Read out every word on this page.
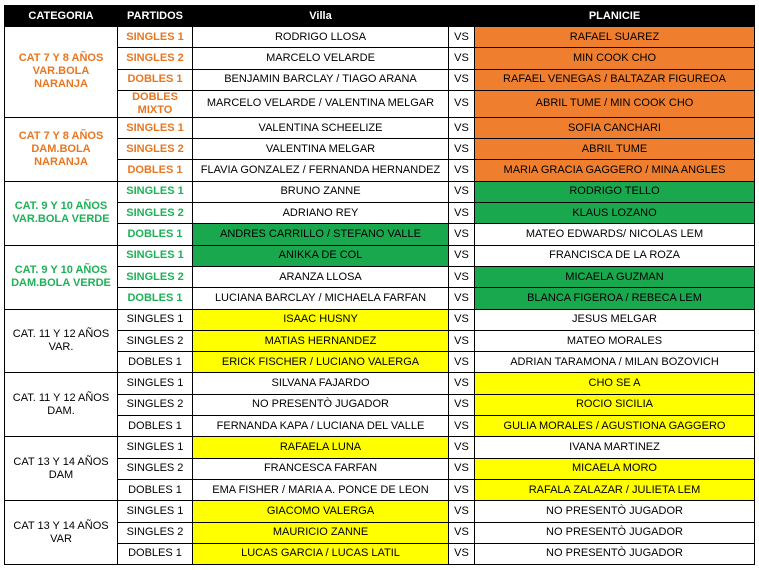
CATEGORIA	PARTIDOS	Villa		PLANICIE
CAT 7 Y 8 AÑOS VAR.BOLA NARANJA	SINGLES 1	RODRIGO LLOSA	VS	RAFAEL SUAREZ
	SINGLES 2	MARCELO VELARDE	VS	MIN COOK CHO
	DOBLES 1	BENJAMIN BARCLAY / TIAGO ARANA	VS	RAFAEL VENEGAS / BALTAZAR FIGUREOA
	DOBLES MIXTO	MARCELO VELARDE / VALENTINA MELGAR	VS	ABRIL TUME / MIN COOK CHO
CAT 7 Y 8 AÑOS DAM.BOLA NARANJA	SINGLES 1	VALENTINA SCHEELIZE	VS	SOFIA CANCHARI
	SINGLES 2	VALENTINA MELGAR	VS	ABRIL TUME
	DOBLES 1	FLAVIA GONZALEZ / FERNANDA HERNANDEZ	VS	MARIA GRACIA GAGGERO / MINA ANGLES
CAT. 9 Y 10 AÑOS VAR.BOLA VERDE	SINGLES 1	BRUNO ZANNE	VS	RODRIGO TELLO
	SINGLES 2	ADRIANO REY	VS	KLAUS LOZANO
	DOBLES 1	ANDRES CARRILLO / STEFANO VALLE	VS	MATEO EDWARDS/ NICOLAS LEM
CAT. 9 Y 10 AÑOS DAM.BOLA VERDE	SINGLES 1	ANIKKA DE COL	VS	FRANCISCA DE LA ROZA
	SINGLES 2	ARANZA LLOSA	VS	MICAELA GUZMAN
	DOBLES 1	LUCIANA BARCLAY / MICHAELA FARFAN	VS	BLANCA FIGEROA / REBECA LEM
CAT. 11 Y 12 AÑOS VAR.	SINGLES 1	ISAAC HUSNY	VS	JESUS MELGAR
	SINGLES 2	MATIAS HERNANDEZ	VS	MATEO MORALES
	DOBLES 1	ERICK FISCHER / LUCIANO VALERGA	VS	ADRIAN TARAMONA / MILAN BOZOVICH
CAT. 11 Y 12 AÑOS DAM.	SINGLES 1	SILVANA FAJARDO	VS	CHO SE A
	SINGLES 2	NO PRESENTÒ JUGADOR	VS	ROCIO SICILIA
	DOBLES 1	FERNANDA KAPA / LUCIANA DEL VALLE	VS	GULIA MORALES / AGUSTIONA GAGGERO
CAT 13 Y 14 AÑOS DAM	SINGLES 1	RAFAELA LUNA	VS	IVANA MARTINEZ
	SINGLES 2	FRANCESCA FARFAN	VS	MICAELA MORO
	DOBLES 1	EMA FISHER / MARIA A. PONCE DE LEON	VS	RAFALA ZALAZAR / JULIETA LEM
CAT 13 Y 14 AÑOS VAR	SINGLES 1	GIACOMO VALERGA	VS	NO PRESENTÒ JUGADOR
	SINGLES 2	MAURICIO ZANNE	VS	NO PRESENTÒ JUGADOR
	DOBLES 1	LUCAS GARCIA / LUCAS LATIL	VS	NO PRESENTÒ JUGADOR
